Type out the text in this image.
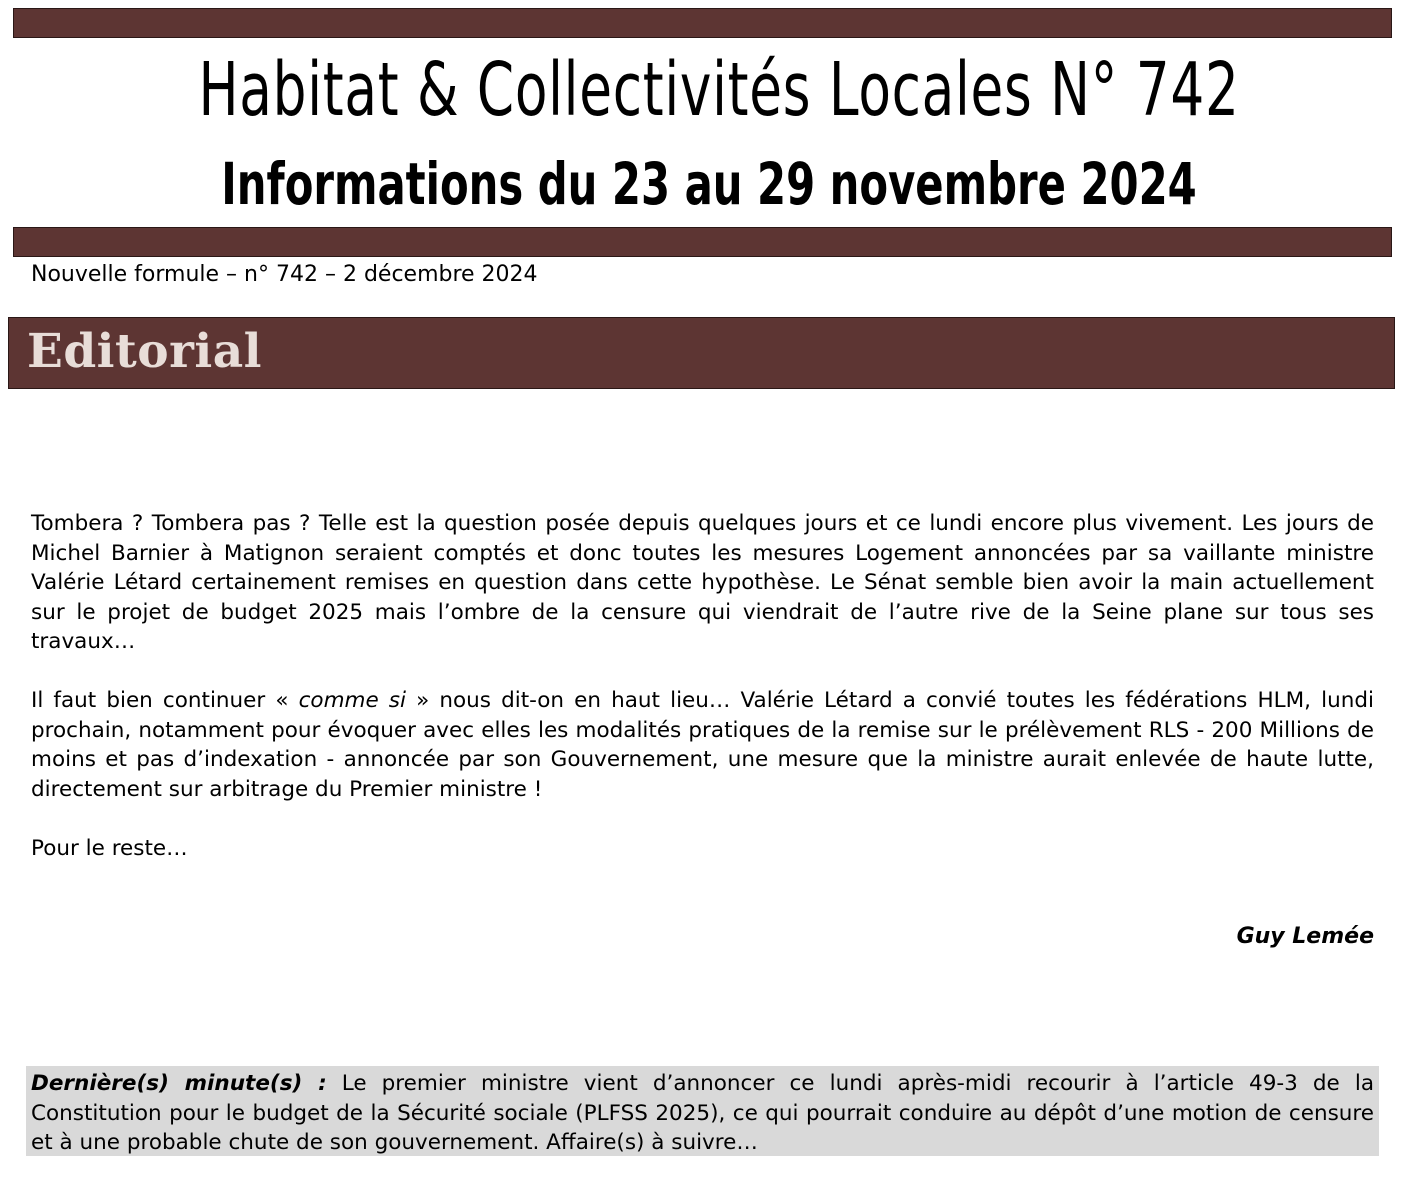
Habitat & Collectivités Locales N° 742
Informations du 23 au 29 novembre 2024
Nouvelle formule – n° 742 – 2 décembre 2024
Editorial

Tombera ? Tombera pas ? Telle est la question posée depuis quelques jours et ce lundi encore plus vivement. Les jours de Michel Barnier à Matignon seraient comptés et donc toutes les mesures Logement annoncées par sa vaillante ministre Valérie Létard certainement remises en question dans cette hypothèse. Le Sénat semble bien avoir la main actuellement sur le projet de budget 2025 mais l’ombre de la censure qui viendrait de l’autre rive de la Seine plane sur tous ses travaux…

Il faut bien continuer « comme si » nous dit-on en haut lieu… Valérie Létard a convié toutes les fédérations HLM, lundi prochain, notamment pour évoquer avec elles les modalités pratiques de la remise sur le prélèvement RLS - 200 Millions de moins et pas d’indexation - annoncée par son Gouvernement, une mesure que la ministre aurait enlevée de haute lutte, directement sur arbitrage du Premier ministre !

Pour le reste…

Guy Lemée

Dernière(s) minute(s) : Le premier ministre vient d’annoncer ce lundi après-midi recourir à l’article 49-3 de la Constitution pour le budget de la Sécurité sociale (PLFSS 2025), ce qui pourrait conduire au dépôt d’une motion de censure et à une probable chute de son gouvernement. Affaire(s) à suivre…
